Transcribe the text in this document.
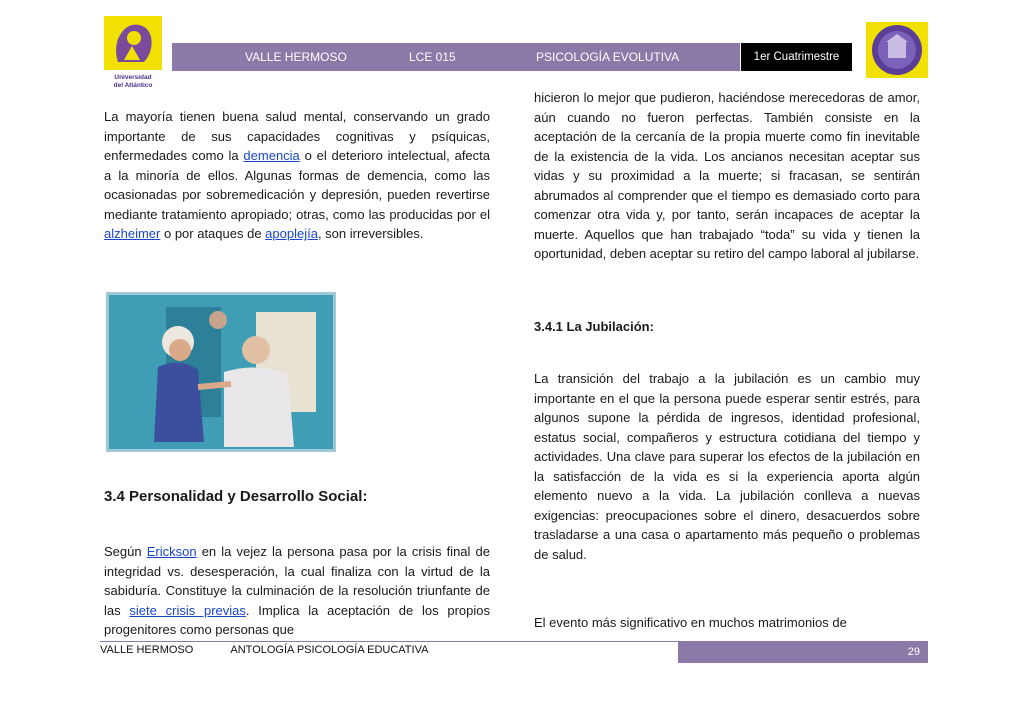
Universidad
del Atlántico
VALLE HERMOSO	LCE 015	PSICOLOGÍA EVOLUTIVA	1er Cuatrimestre

La mayoría tienen buena salud mental, conservando un grado importante de sus capacidades cognitivas y psíquicas, enfermedades como la demencia o el deterioro intelectual, afecta a la minoría de ellos. Algunas formas de demencia, como las ocasionadas por sobremedicación y depresión, pueden revertirse mediante tratamiento apropiado; otras, como las producidas por el alzheimer o por ataques de apoplejía, son irreversibles.

3.4 Personalidad y Desarrollo Social:

Según Erickson en la vejez la persona pasa por la crisis final de integridad vs. desesperación, la cual finaliza con la virtud de la sabiduría. Constituye la culminación de la resolución triunfante de las siete crisis previas. Implica la aceptación de los propios progenitores como personas que

hicieron lo mejor que pudieron, haciéndose merecedoras de amor, aún cuando no fueron perfectas. También consiste en la aceptación de la cercanía de la propia muerte como fin inevitable de la existencia de la vida. Los ancianos necesitan aceptar sus vidas y su proximidad a la muerte; si fracasan, se sentirán abrumados al comprender que el tiempo es demasiado corto para comenzar otra vida y, por tanto, serán incapaces de aceptar la muerte. Aquellos que han trabajado “toda” su vida y tienen la oportunidad, deben aceptar su retiro del campo laboral al jubilarse.

3.4.1 La Jubilación:

La transición del trabajo a la jubilación es un cambio muy importante en el que la persona puede esperar sentir estrés, para algunos supone la pérdida de ingresos, identidad profesional, estatus social, compañeros y estructura cotidiana del tiempo y actividades. Una clave para superar los efectos de la jubilación en la satisfacción de la vida es si la experiencia aporta algún elemento nuevo a la vida. La jubilación conlleva a nuevas exigencias: preocupaciones sobre el dinero, desacuerdos sobre trasladarse a una casa o apartamento más pequeño o problemas de salud.

El evento más significativo en muchos matrimonios de

VALLE HERMOSO	ANTOLOGÍA PSICOLOGÍA EDUCATIVA	29
